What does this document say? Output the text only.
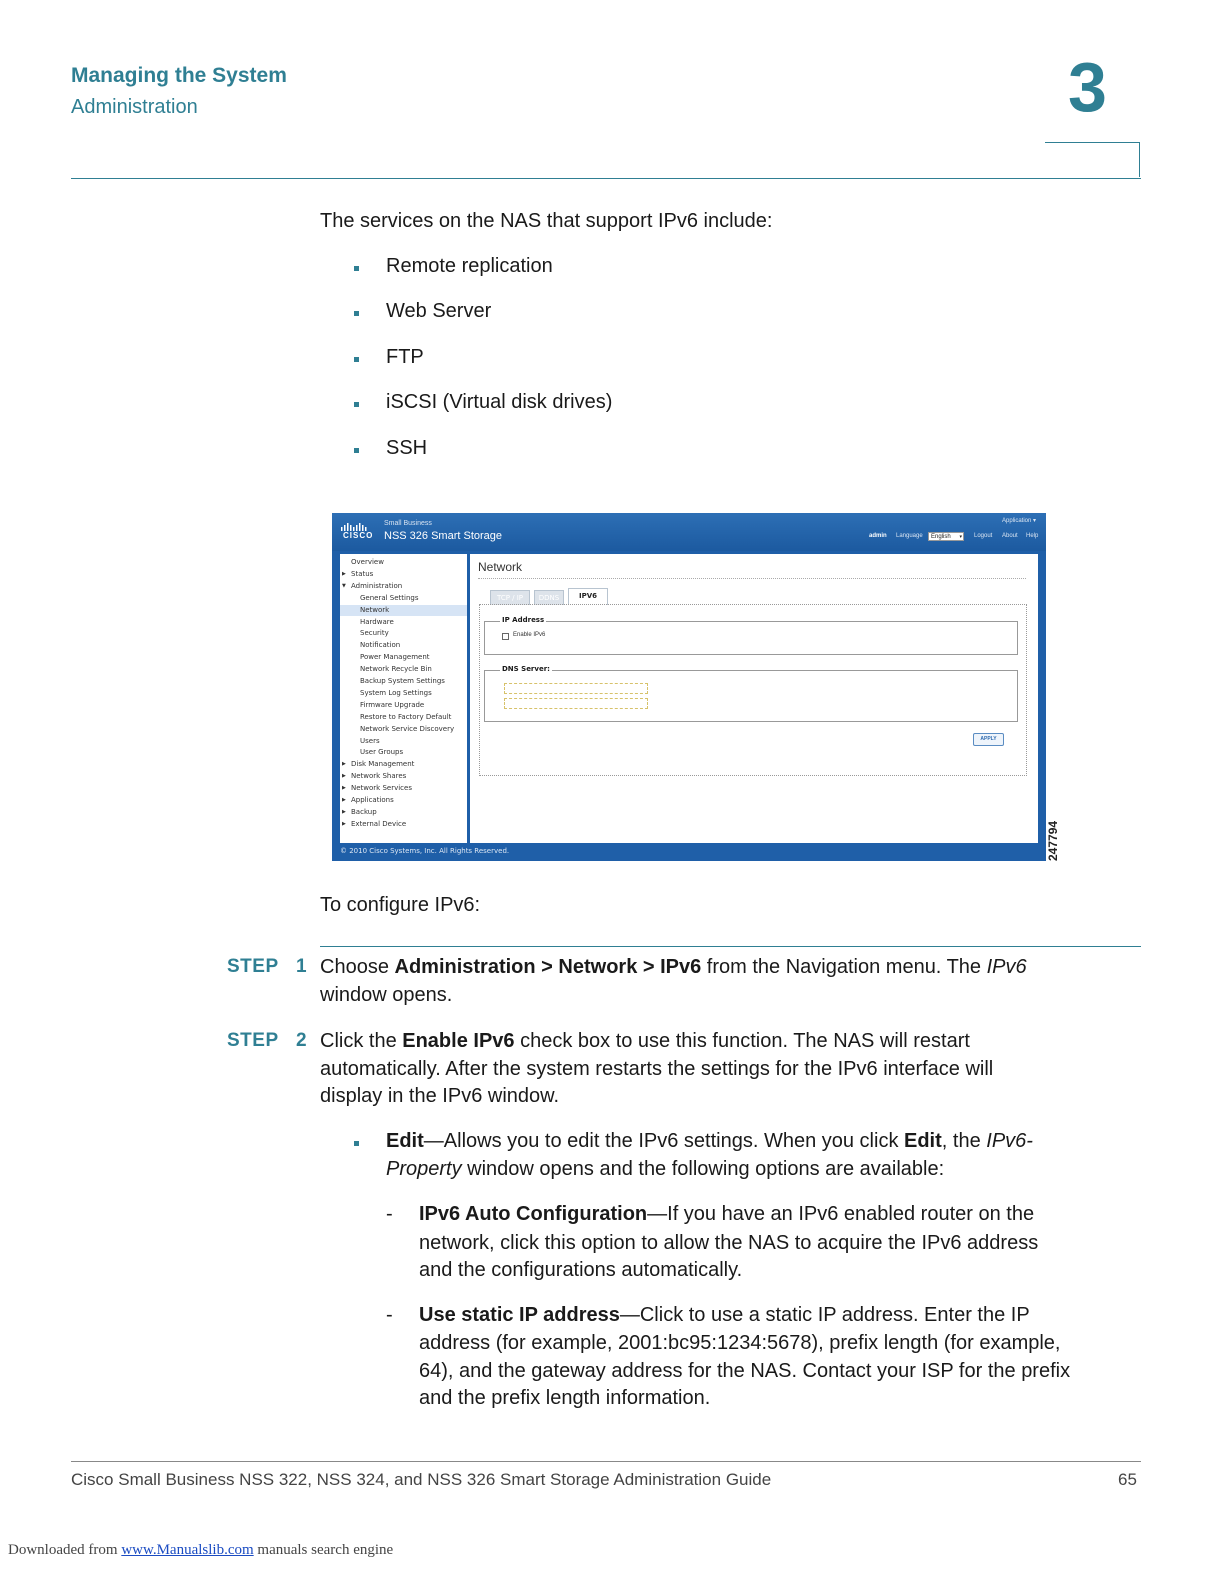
Managing the System
Administration	3
The services on the NAS that support IPv6 include:
Remote replication
Web Server
FTP
iSCSI (Virtual disk drives)
SSH
CISCO
Small Business
NSS 326 Smart Storage
Application ▾
admin Language	English ▾ Logout About Help
Overview
▶ Status
▼ Administration
General Settings
Network
Hardware
Security
Notification
Power Management
Network Recycle Bin
Backup System Settings
System Log Settings
Firmware Upgrade
Restore to Factory Default
Network Service Discovery
Users
User Groups
▶ Disk Management
▶ Network Shares
▶ Network Services
▶ Applications
▶ Backup
▶ External Device
Network
TCP / IP	DDNS	IPV6
IP Address
Enable IPv6
DNS Server:
APPLY
© 2010 Cisco Systems, Inc. All Rights Reserved.	247794
To configure IPv6:
STEP 1 Choose Administration > Network > IPv6 from the Navigation menu. The IPv6
window opens.
STEP 2 Click the Enable IPv6 check box to use this function. The NAS will restart
automatically. After the system restarts the settings for the IPv6 interface will
display in the IPv6 window.
Edit—Allows you to edit the IPv6 settings. When you click Edit, the IPv6-
Property window opens and the following options are available:
- IPv6 Auto Configuration—If you have an IPv6 enabled router on the
network, click this option to allow the NAS to acquire the IPv6 address
and the configurations automatically.
- Use static IP address—Click to use a static IP address. Enter the IP
address (for example, 2001:bc95:1234:5678), prefix length (for example,
64), and the gateway address for the NAS. Contact your ISP for the prefix
and the prefix length information.
Cisco Small Business NSS 322, NSS 324, and NSS 326 Smart Storage Administration Guide	65
Downloaded from www.Manualslib.com manuals search engine
